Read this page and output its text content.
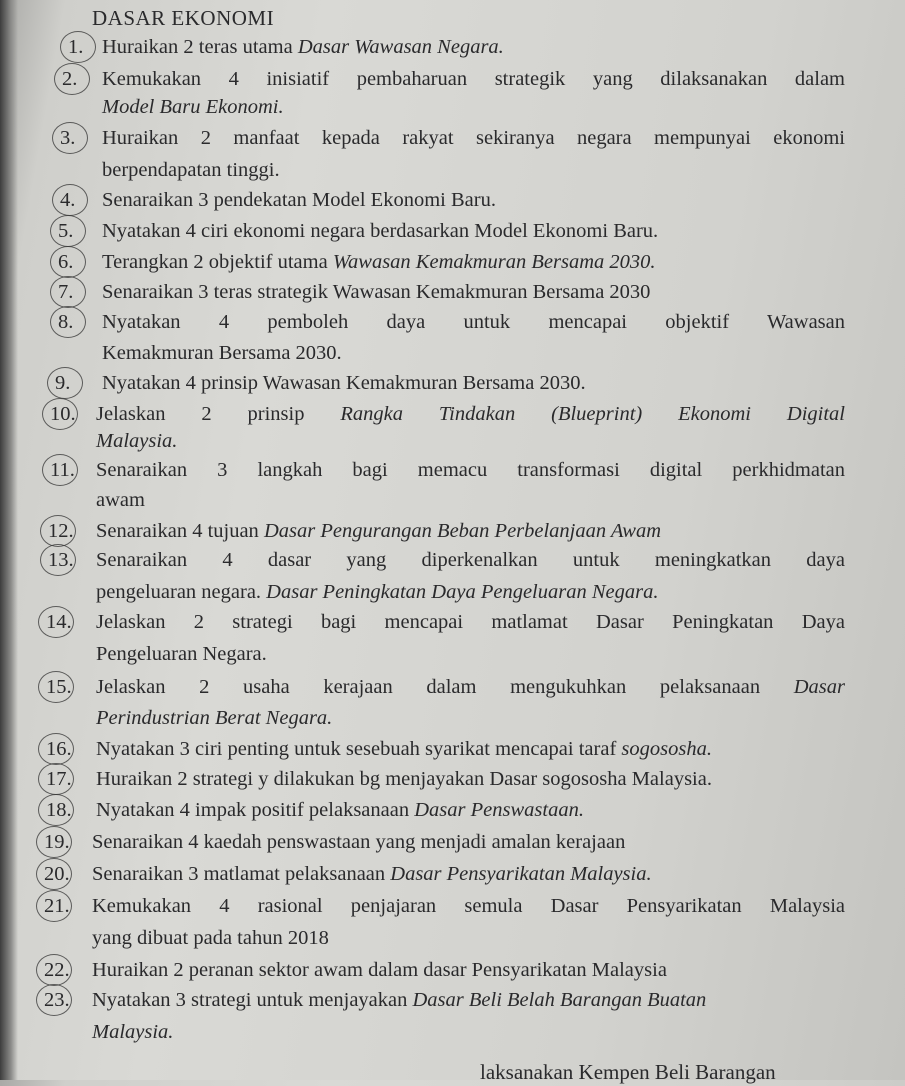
DASAR EKONOMI
1. Huraikan 2 teras utama Dasar Wawasan Negara.
2. Kemukakan 4 inisiatif pembaharuan strategik yang dilaksanakan dalam
Model Baru Ekonomi.
3. Huraikan 2 manfaat kepada rakyat sekiranya negara mempunyai ekonomi
berpendapatan tinggi.
4. Senaraikan 3 pendekatan Model Ekonomi Baru.
5. Nyatakan 4 ciri ekonomi negara berdasarkan Model Ekonomi Baru.
6. Terangkan 2 objektif utama Wawasan Kemakmuran Bersama 2030.
7. Senaraikan 3 teras strategik Wawasan Kemakmuran Bersama 2030
8. Nyatakan 4 pemboleh daya untuk mencapai objektif Wawasan
Kemakmuran Bersama 2030.
9. Nyatakan 4 prinsip Wawasan Kemakmuran Bersama 2030.
10. Jelaskan 2 prinsip Rangka Tindakan (Blueprint) Ekonomi Digital
Malaysia.
11. Senaraikan 3 langkah bagi memacu transformasi digital perkhidmatan
awam
12. Senaraikan 4 tujuan Dasar Pengurangan Beban Perbelanjaan Awam
13. Senaraikan 4 dasar yang diperkenalkan untuk meningkatkan daya
pengeluaran negara. Dasar Peningkatan Daya Pengeluaran Negara.
14. Jelaskan 2 strategi bagi mencapai matlamat Dasar Peningkatan Daya
Pengeluaran Negara.
15. Jelaskan 2 usaha kerajaan dalam mengukuhkan pelaksanaan Dasar
Perindustrian Berat Negara.
16. Nyatakan 3 ciri penting untuk sesebuah syarikat mencapai taraf sogososha.
17. Huraikan 2 strategi y dilakukan bg menjayakan Dasar sogososha Malaysia.
18. Nyatakan 4 impak positif pelaksanaan Dasar Penswastaan.
19. Senaraikan 4 kaedah penswastaan yang menjadi amalan kerajaan
20. Senaraikan 3 matlamat pelaksanaan Dasar Pensyarikatan Malaysia.
21. Kemukakan 4 rasional penjajaran semula Dasar Pensyarikatan Malaysia
yang dibuat pada tahun 2018
22. Huraikan 2 peranan sektor awam dalam dasar Pensyarikatan Malaysia
23. Nyatakan 3 strategi untuk menjayakan Dasar Beli Belah Barangan Buatan
Malaysia.
laksanakan Kempen Beli Barangan
